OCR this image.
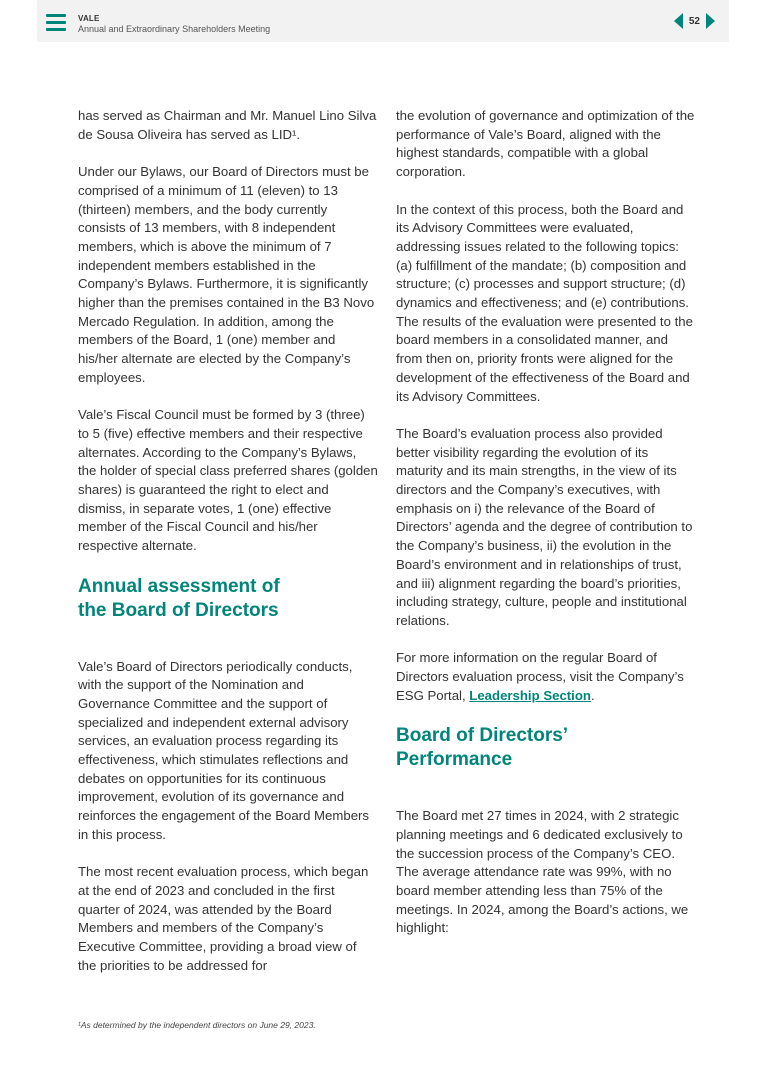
VALE
Annual and Extraordinary Shareholders Meeting
52

has served as Chairman and Mr. Manuel Lino Silva de Sousa Oliveira has served as LID¹.

Under our Bylaws, our Board of Directors must be comprised of a minimum of 11 (eleven) to 13 (thirteen) members, and the body currently consists of 13 members, with 8 independent members, which is above the minimum of 7 independent members established in the Company’s Bylaws. Furthermore, it is significantly higher than the premises contained in the B3 Novo Mercado Regulation. In addition, among the members of the Board, 1 (one) member and his/her alternate are elected by the Company’s employees.

Vale’s Fiscal Council must be formed by 3 (three) to 5 (five) effective members and their respective alternates. According to the Company’s Bylaws, the holder of special class preferred shares (golden shares) is guaranteed the right to elect and dismiss, in separate votes, 1 (one) effective member of the Fiscal Council and his/her respective alternate.

Annual assessment of
the Board of Directors

Vale’s Board of Directors periodically conducts, with the support of the Nomination and Governance Committee and the support of specialized and independent external advisory services, an evaluation process regarding its effectiveness, which stimulates reflections and debates on opportunities for its continuous improvement, evolution of its governance and reinforces the engagement of the Board Members in this process.

The most recent evaluation process, which began at the end of 2023 and concluded in the first quarter of 2024, was attended by the Board Members and members of the Company’s Executive Committee, providing a broad view of the priorities to be addressed for

the evolution of governance and optimization of the performance of Vale’s Board, aligned with the highest standards, compatible with a global corporation.

In the context of this process, both the Board and its Advisory Committees were evaluated, addressing issues related to the following topics: (a) fulfillment of the mandate; (b) composition and structure; (c) processes and support structure; (d) dynamics and effectiveness; and (e) contributions. The results of the evaluation were presented to the board members in a consolidated manner, and from then on, priority fronts were aligned for the development of the effectiveness of the Board and its Advisory Committees.

The Board’s evaluation process also provided better visibility regarding the evolution of its maturity and its main strengths, in the view of its directors and the Company’s executives, with emphasis on i) the relevance of the Board of Directors’ agenda and the degree of contribution to the Company’s business, ii) the evolution in the Board’s environment and in relationships of trust, and iii) alignment regarding the board’s priorities, including strategy, culture, people and institutional relations.

For more information on the regular Board of Directors evaluation process, visit the Company’s ESG Portal, Leadership Section.

Board of Directors’
Performance

The Board met 27 times in 2024, with 2 strategic planning meetings and 6 dedicated exclusively to the succession process of the Company’s CEO. The average attendance rate was 99%, with no board member attending less than 75% of the meetings. In 2024, among the Board’s actions, we highlight:

¹As determined by the independent directors on June 29, 2023.
